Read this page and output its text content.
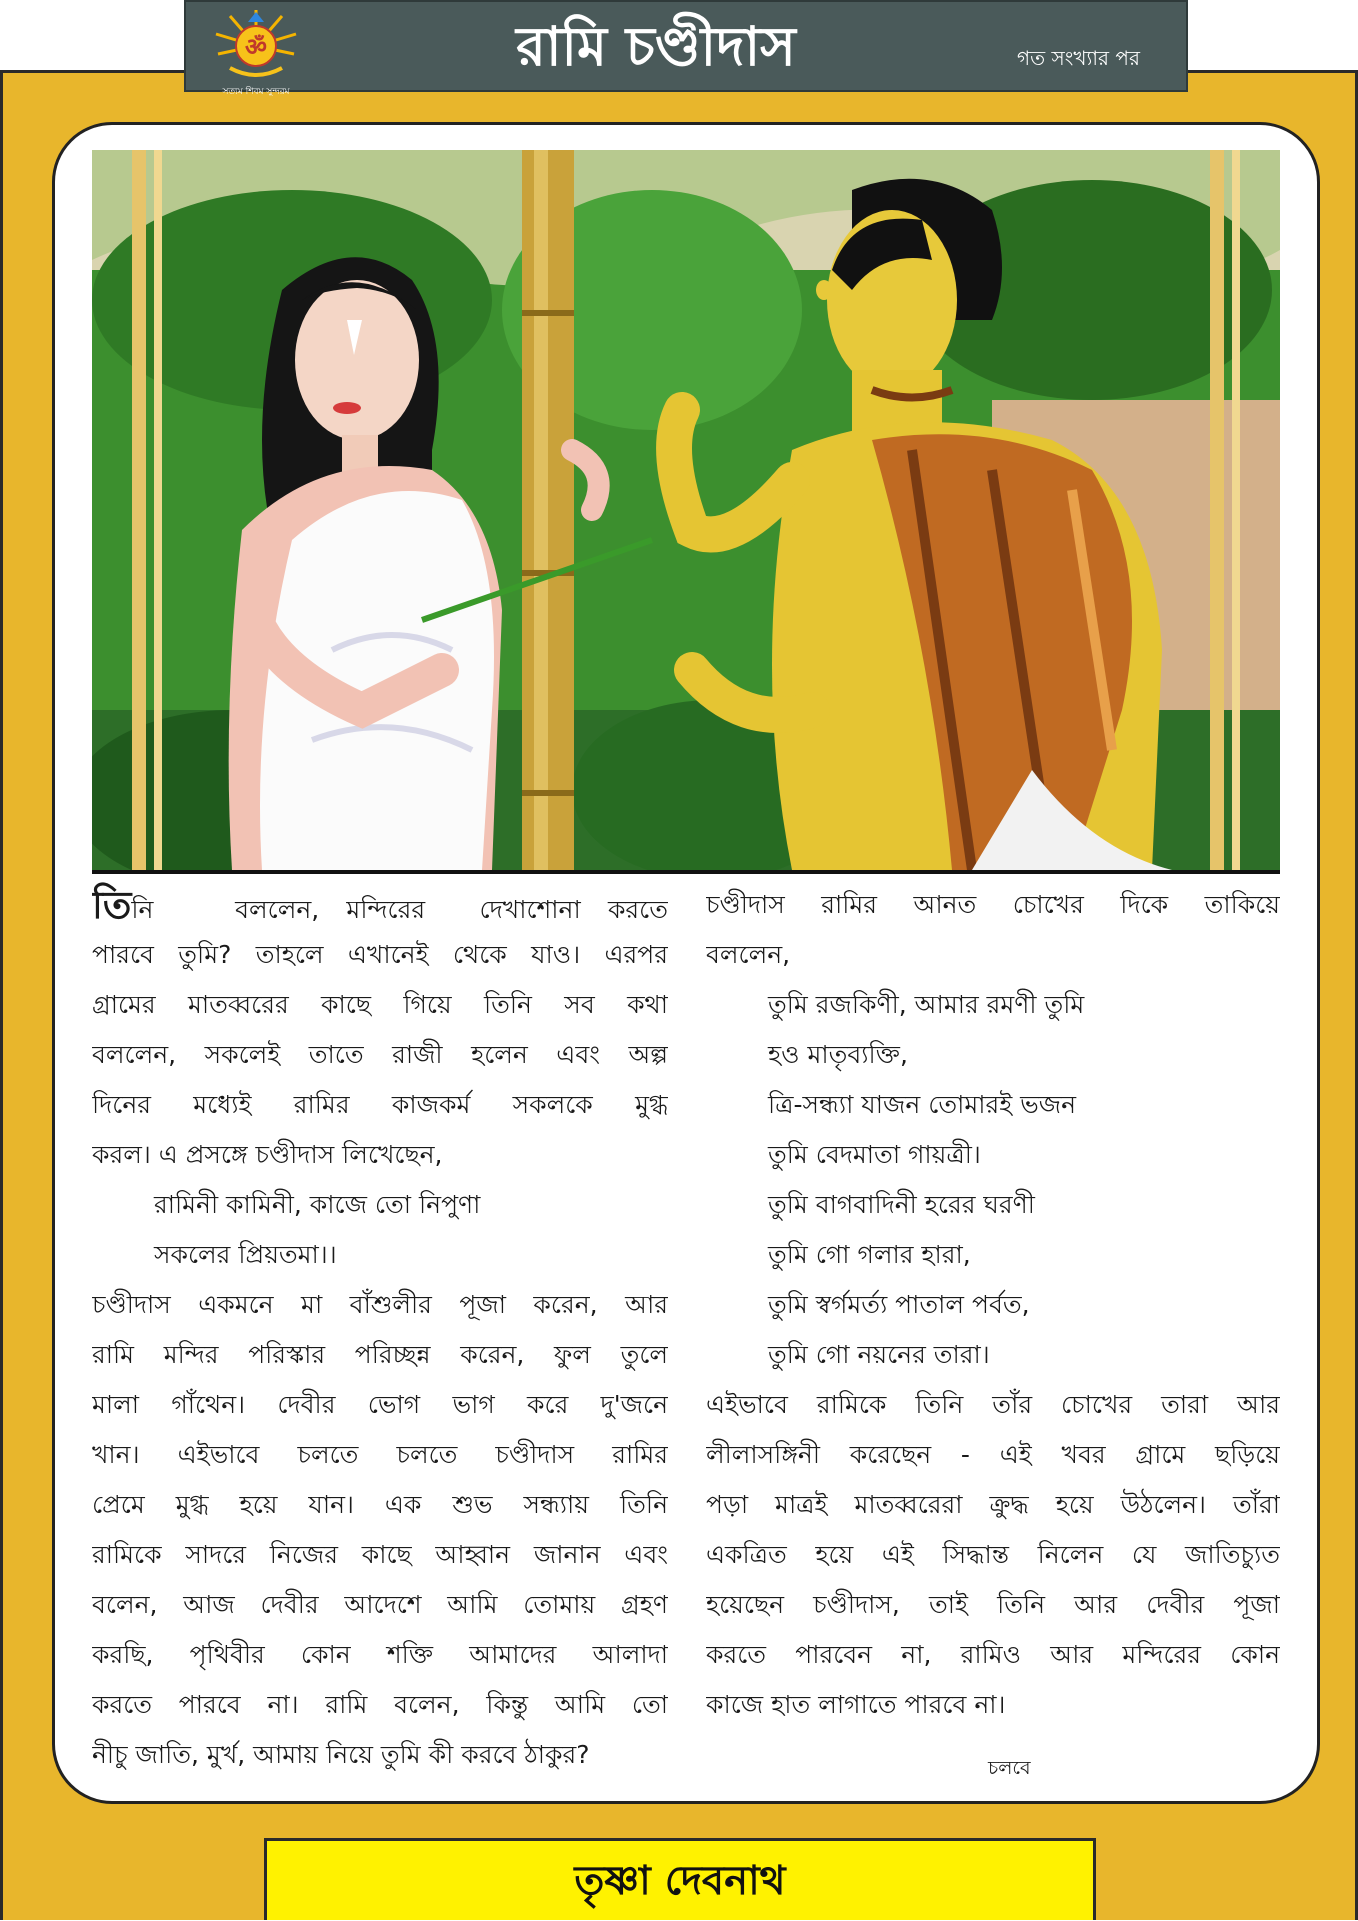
ॐ
সত্যম শিবম সুন্দরম
রামি চণ্ডীদাস	গত সংখ্যার পর
তিনি   বললেন, মন্দিরের  দেখাশোনা করতে
পারবে তুমি? তাহলে এখানেই থেকে যাও। এরপর
গ্রামের মাতব্বরের কাছে গিয়ে তিনি সব কথা
বললেন, সকলেই তাতে রাজী হলেন এবং অল্প
দিনের মধ্যেই রামির কাজকর্ম সকলকে মুগ্ধ
করল। এ প্রসঙ্গে চণ্ডীদাস লিখেছেন,
রামিনী কামিনী, কাজে তো নিপুণা
সকলের প্রিয়তমা।।
চণ্ডীদাস একমনে মা বাঁশুলীর পূজা করেন, আর
রামি মন্দির পরিস্কার পরিচ্ছন্ন করেন, ফুল তুলে
মালা গাঁথেন। দেবীর ভোগ ভাগ করে দু'জনে
খান। এইভাবে চলতে চলতে চণ্ডীদাস রামির
প্রেমে মুগ্ধ হয়ে যান। এক শুভ সন্ধ্যায় তিনি
রামিকে সাদরে নিজের কাছে আহ্বান জানান এবং
বলেন, আজ দেবীর আদেশে আমি তোমায় গ্রহণ
করছি, পৃথিবীর কোন শক্তি আমাদের আলাদা
করতে পারবে না। রামি বলেন, কিন্তু আমি তো
নীচু জাতি, মুর্খ, আমায় নিয়ে তুমি কী করবে ঠাকুর?
চণ্ডীদাস রামির আনত চোখের দিকে তাকিয়ে
বললেন,
তুমি রজকিণী, আমার রমণী তুমি
হও মাতৃব্যক্তি,
ত্রি-সন্ধ্যা যাজন তোমারই ভজন
তুমি বেদমাতা গায়ত্রী।
তুমি বাগবাদিনী হরের ঘরণী
তুমি গো গলার হারা,
তুমি স্বর্গমর্ত্য পাতাল পর্বত,
তুমি গো নয়নের তারা।
এইভাবে রামিকে তিনি তাঁর চোখের তারা আর
লীলাসঙ্গিনী করেছেন - এই খবর গ্রামে ছড়িয়ে
পড়া মাত্রই মাতব্বরেরা ক্রুদ্ধ হয়ে উঠলেন। তাঁরা
একত্রিত হয়ে এই সিদ্ধান্ত নিলেন যে জাতিচ্যুত
হয়েছেন চণ্ডীদাস, তাই তিনি আর দেবীর পূজা
করতে পারবেন না, রামিও আর মন্দিরের কোন
কাজে হাত লাগাতে পারবে না।
চলবে
তৃষ্ণা দেবনাথ
